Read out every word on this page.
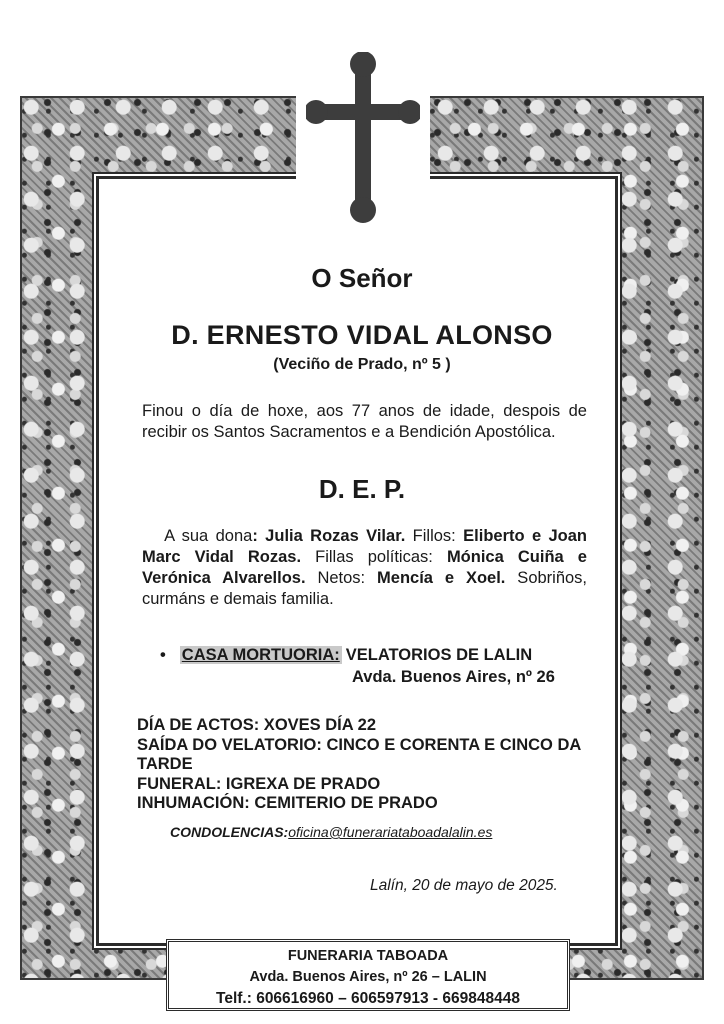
O Señor
D. ERNESTO VIDAL ALONSO
(Veciño de Prado, nº 5 )
Finou o día de hoxe, aos 77 anos de idade, despois de recibir os Santos Sacramentos e a Bendición Apostólica.
D. E. P.
A sua dona: Julia Rozas Vilar. Fillos: Eliberto e Joan Marc Vidal Rozas. Fillas políticas: Mónica Cuiña e Verónica Alvarellos. Netos: Mencía e Xoel. Sobriños, curmáns e demais familia.
• CASA MORTUORIA: VELATORIOS DE LALIN
Avda. Buenos Aires, nº 26
DÍA DE ACTOS: XOVES DÍA 22
SAÍDA DO VELATORIO: CINCO E CORENTA E CINCO DA TARDE
FUNERAL: IGREXA DE PRADO
INHUMACIÓN: CEMITERIO DE PRADO
CONDOLENCIAS:oficina@funerariataboadalalin.es
Lalín, 20 de mayo de 2025.
FUNERARIA TABOADA
Avda. Buenos Aires, nº 26 – LALIN
Telf.: 606616960 – 606597913 - 669848448
